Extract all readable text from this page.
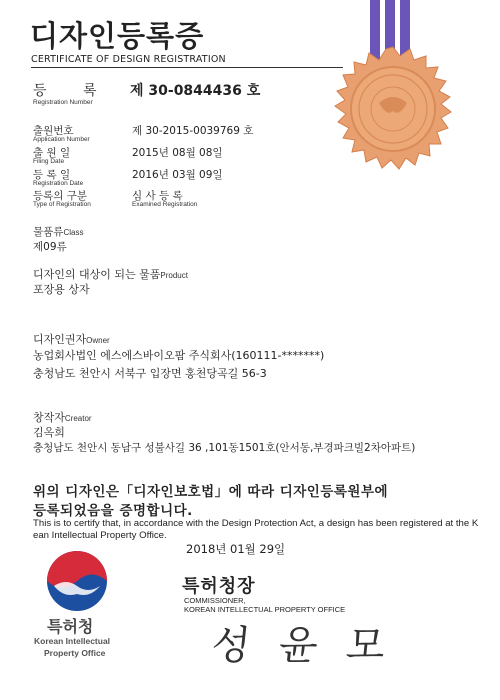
디자인등록증
CERTIFICATE OF DESIGN REGISTRATION
등 록
Registration Number
제 30-0844436 호
출원번호
Application Number
제 30-2015-0039769 호
출 원 일
Filing Date
2015년 08월 08일
등 록 일
Registration Date
2016년 03월 09일
등록의 구분
Type of Registration
심 사 등 록
Examined Registration
물품류Class
제09류
디자인의 대상이 되는 물품Product
포장용 상자
디자인권자Owner
농업회사법인 에스에스바이오팜 주식회사(160111-*******)
충청남도 천안시 서북구 입장면 홍천당곡길 56-3
창작자Creator
김옥희
충청남도 천안시 동남구 성불사길 36 ,101동1501호(안서동,부경파크빌2차아파트)
위의 디자인은「디자인보호법」에 따라 디자인등록원부에
등록되었음을 증명합니다.
This is to certify that, in accordance with the Design Protection Act, a design has been registered at the K
ean Intellectual Property Office.
2018년 01월 29일
특허청
Korean Intellectual
Property Office
특허청장
COMMISSIONER,
KOREAN INTELLECTUAL PROPERTY OFFICE
성 윤 모
